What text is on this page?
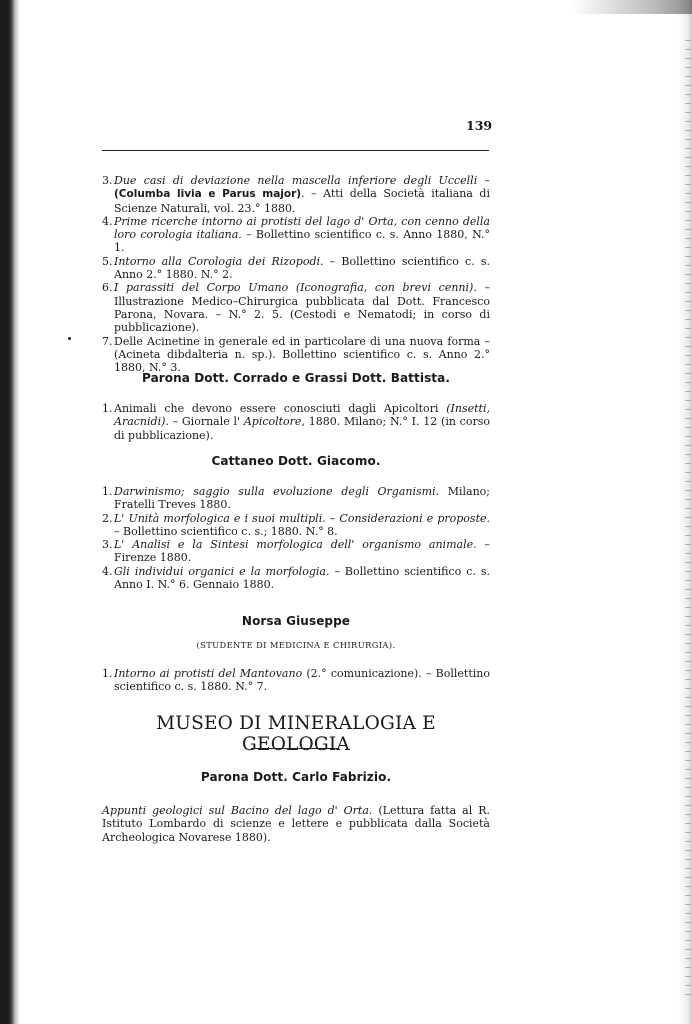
139
3. Due casi di deviazione nella mascella inferiore degli Uccelli – (Columba livia e Parus major). – Atti della Società italiana di Scienze Naturali, vol. 23.° 1880.
4. Prime ricerche intorno ai protisti del lago d' Orta, con cenno della loro corologia italiana. – Bollettino scientifico c. s. Anno 1880, N.° 1.
5. Intorno alla Corologia dei Rizopodi. – Bollettino scientifico c. s. Anno 2.° 1880. N.° 2.
6. I parassiti del Corpo Umano (Iconografia, con brevi cenni). – Illustrazione Medico–Chirurgica pubblicata dal Dott. Francesco Parona, Novara. – N.° 2. 5. (Cestodi e Nematodi; in corso di pubblicazione).
7. Delle Acinetine in generale ed in particolare di una nuova forma – (Acineta dibdalteria n. sp.). Bollettino scientifico c. s. Anno 2.° 1880, N.° 3.
Parona Dott. Corrado e Grassi Dott. Battista.
1. Animali che devono essere conosciuti dagli Apicoltori (Insetti, Aracnidi). – Giornale l' Apicoltore, 1880. Milano; N.° I. 12 (in corso di pubblicazione).
Cattaneo Dott. Giacomo.
1. Darwinismo; saggio sulla evoluzione degli Organismi. Milano; Fratelli Treves 1880.
2. L' Unità morfologica e i suoi multipli. – Considerazioni e proposte. – Bollettino scientifico c. s.; 1880. N.° 8.
3. L' Analisi e la Sintesi morfologica dell' organismo animale. – Firenze 1880.
4. Gli individui organici e la morfologia. – Bollettino scientifico c. s. Anno I. N.° 6. Gennaio 1880.
Norsa Giuseppe
(STUDENTE DI MEDICINA E CHIRURGIA).
1. Intorno ai protisti del Mantovano (2.° comunicazione). – Bollettino scientifico c. s. 1880. N.° 7.
MUSEO DI MINERALOGIA E GEOLOGIA
Parona Dott. Carlo Fabrizio.
Appunti geologici sul Bacino del lago d' Orta. (Lettura fatta al R. Istituto Lombardo di scienze e lettere e pubblicata dalla Società Archeologica Novarese 1880).
